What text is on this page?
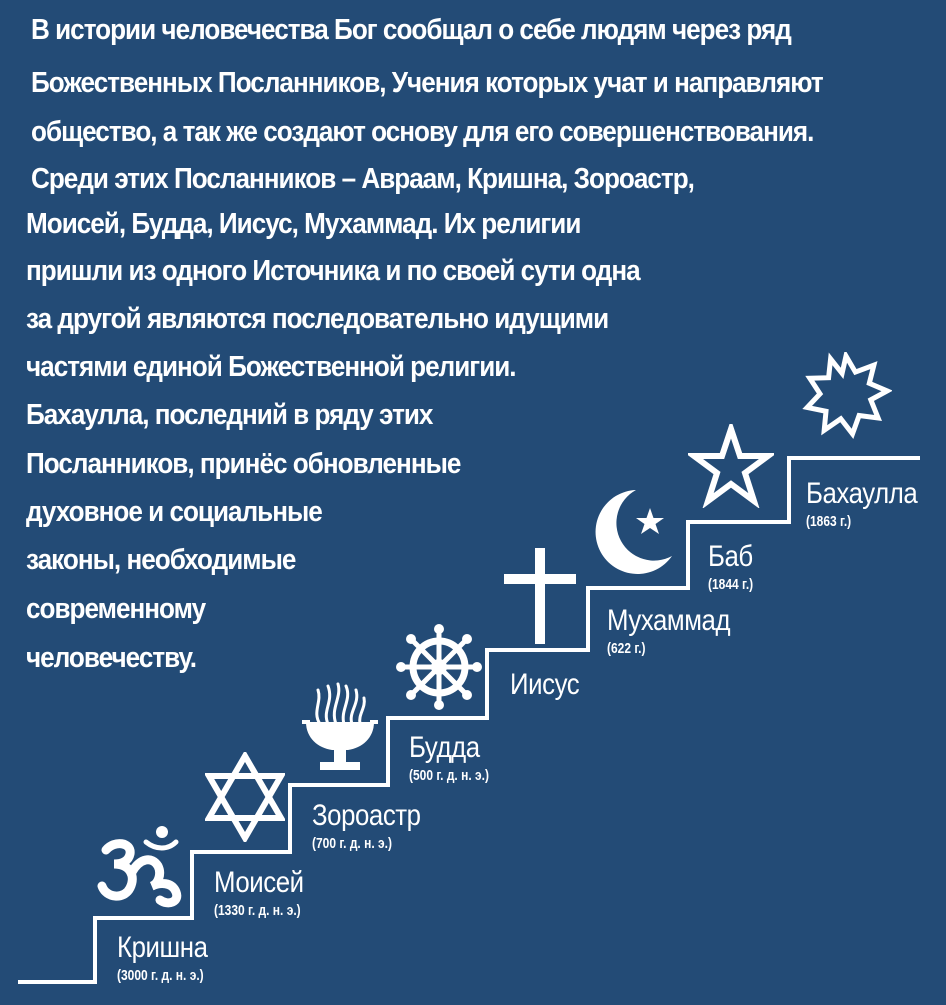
В истории человечества Бог сообщал о себе людям через ряд
Божественных Посланников, Учения которых учат и направляют
общество, а так же создают основу для его совершенствования.
Среди этих Посланников – Авраам, Кришна, Зороастр,
Моисей, Будда, Иисус, Мухаммад. Их религии
пришли из одного Источника и по своей сути одна
за другой являются последовательно идущими
частями единой Божественной религии.
Бахаулла, последний в ряду этих
Посланников, принёс обновленные
духовное и социальные
законы, необходимые
современному
человечеству.
Кришна
(3000 г. д. н. э.)
Моисей
(1330 г. д. н. э.)
Зороастр
(700 г. д. н. э.)
Будда
(500 г. д. н. э.)
Иисус
Мухаммад
(622 г.)
Баб
(1844 г.)
Бахаулла
(1863 г.)
